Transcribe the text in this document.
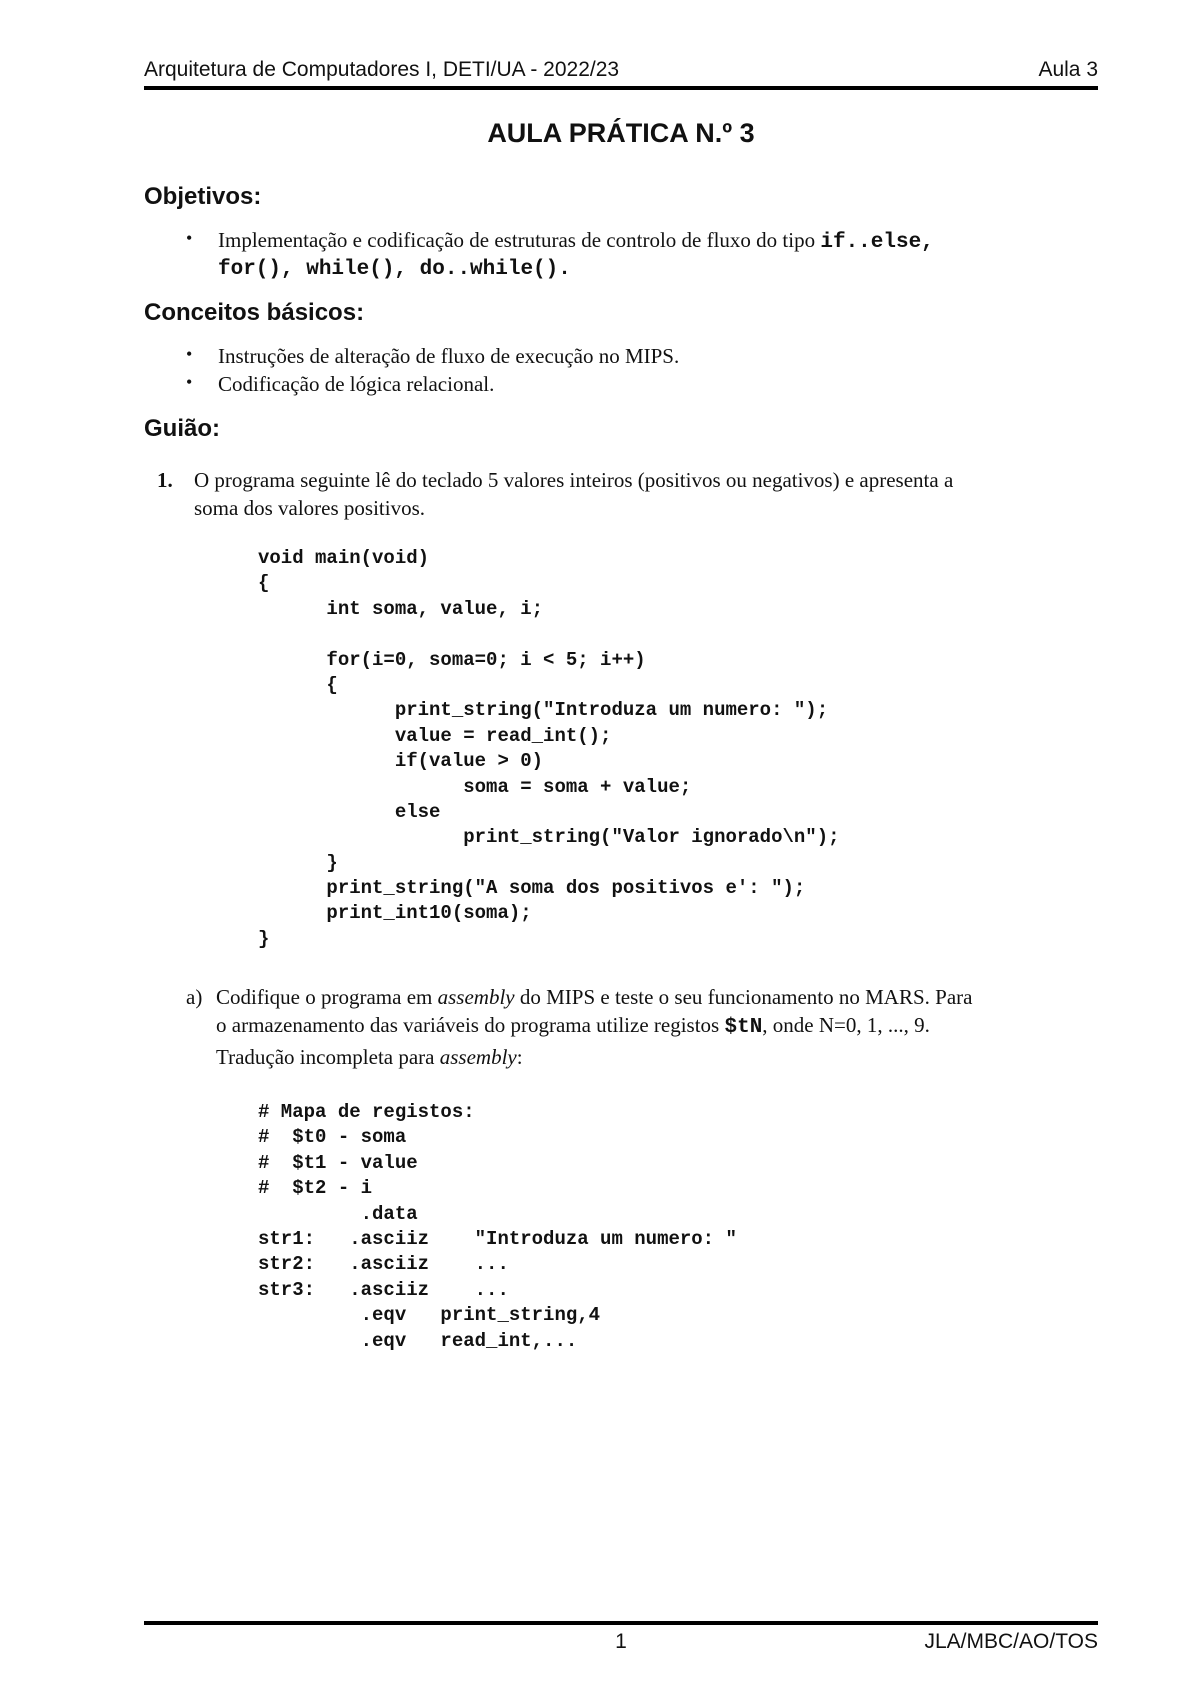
Arquitetura de Computadores I, DETI/UA - 2022/23	Aula 3
AULA PRÁTICA N.º 3
Objetivos:
• Implementação e codificação de estruturas de controlo de fluxo do tipo if..else,
for(), while(), do..while().
Conceitos básicos:
• Instruções de alteração de fluxo de execução no MIPS.
• Codificação de lógica relacional.
Guião:
1. O programa seguinte lê do teclado 5 valores inteiros (positivos ou negativos) e apresenta a
soma dos valores positivos.
void main(void)
{
int soma, value, i;
for(i=0, soma=0; i < 5; i++)
{
print_string("Introduza um numero: ");
value = read_int();
if(value > 0)
soma = soma + value;
else
print_string("Valor ignorado\n");
}
print_string("A soma dos positivos e': ");
print_int10(soma);
}
a) Codifique o programa em assembly do MIPS e teste o seu funcionamento no MARS. Para
o armazenamento das variáveis do programa utilize registos $tN, onde N=0, 1, ..., 9.
Tradução incompleta para assembly:
# Mapa de registos:
#  $t0 - soma
#  $t1 - value
#  $t2 - i
.data
str1:   .asciiz    "Introduza um numero: "
str2:   .asciiz    ...
str3:   .asciiz    ...
.eqv   print_string,4
.eqv   read_int,...
1	JLA/MBC/AO/TOS
